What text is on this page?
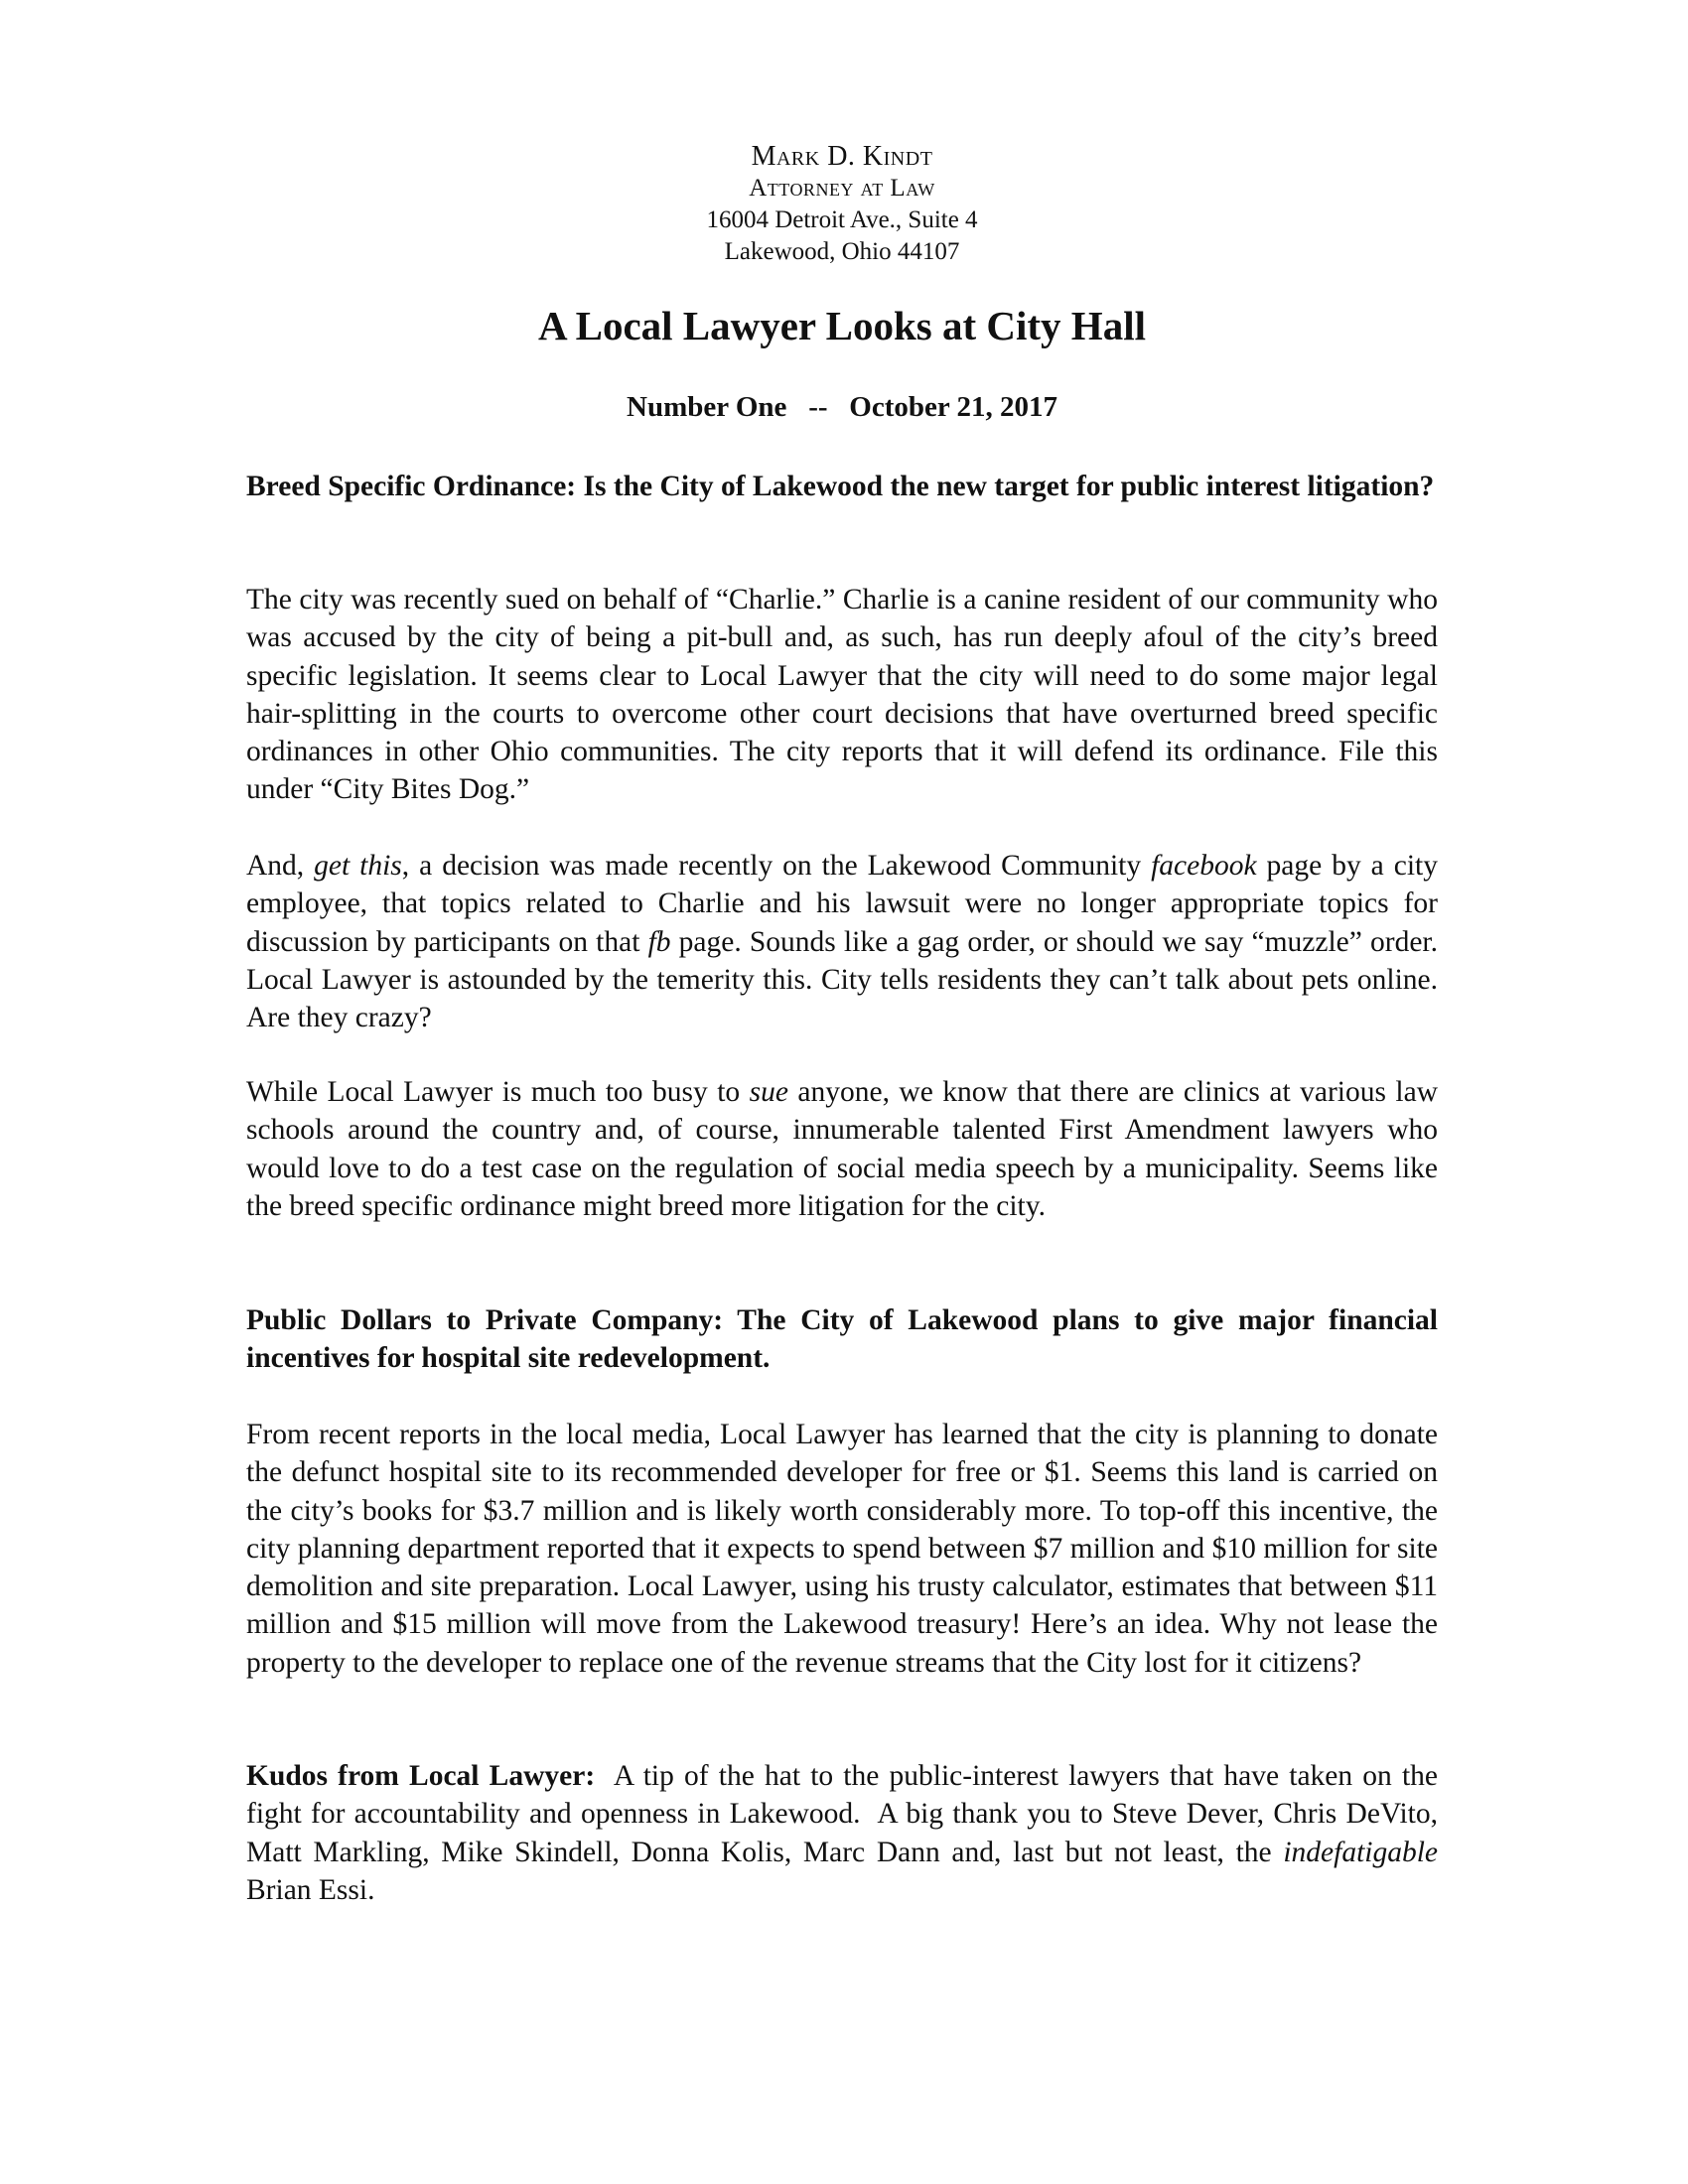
Mark D. Kindt
Attorney at Law
16004 Detroit Ave., Suite 4
Lakewood, Ohio 44107
A Local Lawyer Looks at City Hall
Number One -- October 21, 2017

Breed Specific Ordinance: Is the City of Lakewood the new target for public interest litigation?

The city was recently sued on behalf of “Charlie.” Charlie is a canine resident of our community who was accused by the city of being a pit-bull and, as such, has run deeply afoul of the city’s breed specific legislation. It seems clear to Local Lawyer that the city will need to do some major legal hair-splitting in the courts to overcome other court decisions that have overturned breed specific ordinances in other Ohio communities. The city reports that it will defend its ordinance. File this under “City Bites Dog.”

And, get this, a decision was made recently on the Lakewood Community facebook page by a city employee, that topics related to Charlie and his lawsuit were no longer appropriate topics for discussion by participants on that fb page. Sounds like a gag order, or should we say “muzzle” order. Local Lawyer is astounded by the temerity this. City tells residents they can’t talk about pets online. Are they crazy?

While Local Lawyer is much too busy to sue anyone, we know that there are clinics at various law schools around the country and, of course, innumerable talented First Amendment lawyers who would love to do a test case on the regulation of social media speech by a municipality. Seems like the breed specific ordinance might breed more litigation for the city.

Public Dollars to Private Company: The City of Lakewood plans to give major financial incentives for hospital site redevelopment.

From recent reports in the local media, Local Lawyer has learned that the city is planning to donate the defunct hospital site to its recommended developer for free or $1. Seems this land is carried on the city’s books for $3.7 million and is likely worth considerably more. To top-off this incentive, the city planning department reported that it expects to spend between $7 million and $10 million for site demolition and site preparation. Local Lawyer, using his trusty calculator, estimates that between $11 million and $15 million will move from the Lakewood treasury! Here’s an idea. Why not lease the property to the developer to replace one of the revenue streams that the City lost for it citizens?

Kudos from Local Lawyer:  A tip of the hat to the public-interest lawyers that have taken on the fight for accountability and openness in Lakewood.  A big thank you to Steve Dever, Chris DeVito, Matt Markling, Mike Skindell, Donna Kolis, Marc Dann and, last but not least, the indefatigable Brian Essi.
